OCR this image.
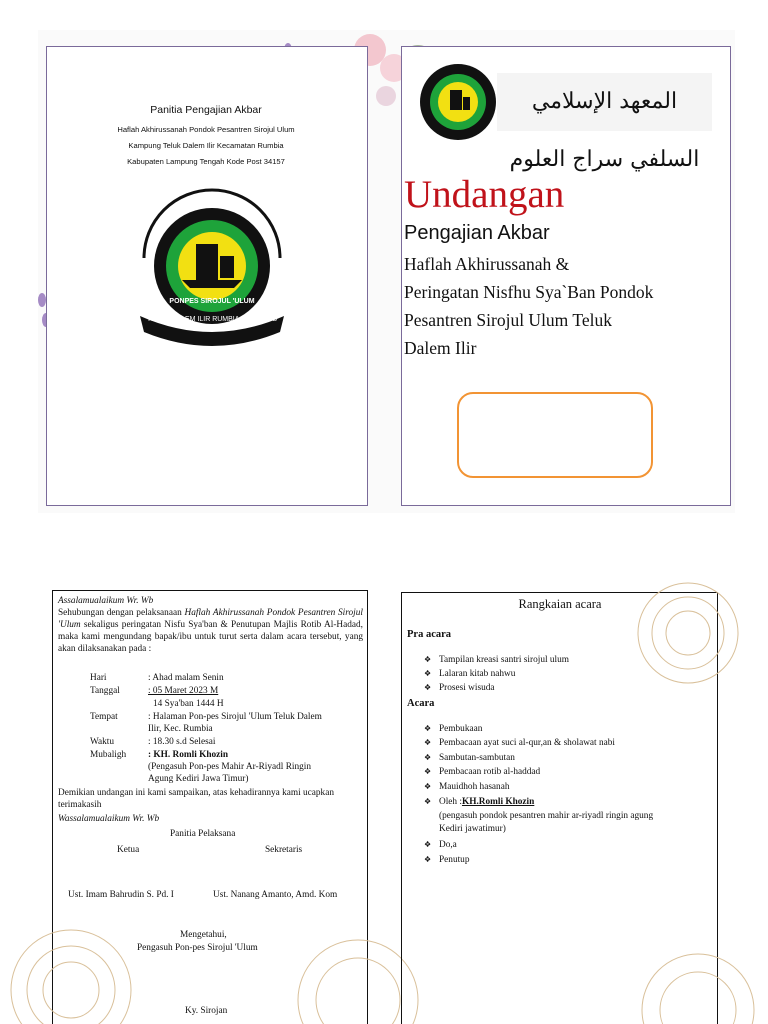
Panitia Pengajian Akbar
Haflah Akhirussanah Pondok Pesantren Sirojul Ulum
Kampung Teluk Dalem Ilir Kecamatan Rumbia
Kabupaten Lampung Tengah Kode Post 34157
TELUK DALEM ILIR RUMBIA LAM-TENG
PONPES SIROJUL 'ULUM
المعهد الإسلامي السلفي سراج العلوم
Undangan
Pengajian Akbar
Haflah Akhirussanah &
Peringatan Nisfhu Sya`Ban Pondok
Pesantren Sirojul Ulum Teluk
Dalem Ilir
Assalamualaikum Wr. Wb
Sehubungan dengan pelaksanaan Haflah Akhirussanah Pondok Pesantren Sirojul 'Ulum sekaligus peringatan Nisfu Sya'ban & Penutupan Majlis Rotib Al-Hadad, maka kami mengundang bapak/ibu untuk turut serta dalam acara tersebut, yang akan dilaksanakan pada :
Hari	: Ahad malam Senin
Tanggal	: 05 Maret 2023 M
14 Sya'ban 1444 H
Tempat	: Halaman Pon-pes Sirojul 'Ulum Teluk Dalem
Ilir, Kec. Rumbia
Waktu	: 18.30 s.d Selesai
Mubaligh : KH. Romli Khozin
(Pengasuh Pon-pes Mahir Ar-Riyadl Ringin
Agung Kediri Jawa Timur)
Demikian undangan ini kami sampaikan, atas kehadirannya kami ucapkan terimakasih
Wassalamualaikum Wr. Wb
Panitia Pelaksana
Ketua	Sekretaris
Ust. Imam Bahrudin S. Pd. I	Ust. Nanang Amanto, Amd. Kom
Mengetahui,
Pengasuh Pon-pes Sirojul 'Ulum
Ky. Sirojan
Rangkaian acara
Pra acara
❖ Tampilan kreasi santri sirojul ulum
❖ Lalaran kitab nahwu
❖ Prosesi wisuda
Acara
❖ Pembukaan
❖ Pembacaan ayat suci al-qur,an & sholawat nabi
❖ Sambutan-sambutan
❖ Pembacaan rotib al-haddad
❖ Mauidhoh hasanah
❖ Oleh :KH.Romli Khozin
(pengasuh pondok pesantren mahir ar-riyadl ringin agung
Kediri jawatimur)
❖ Do,a
❖ Penutup
